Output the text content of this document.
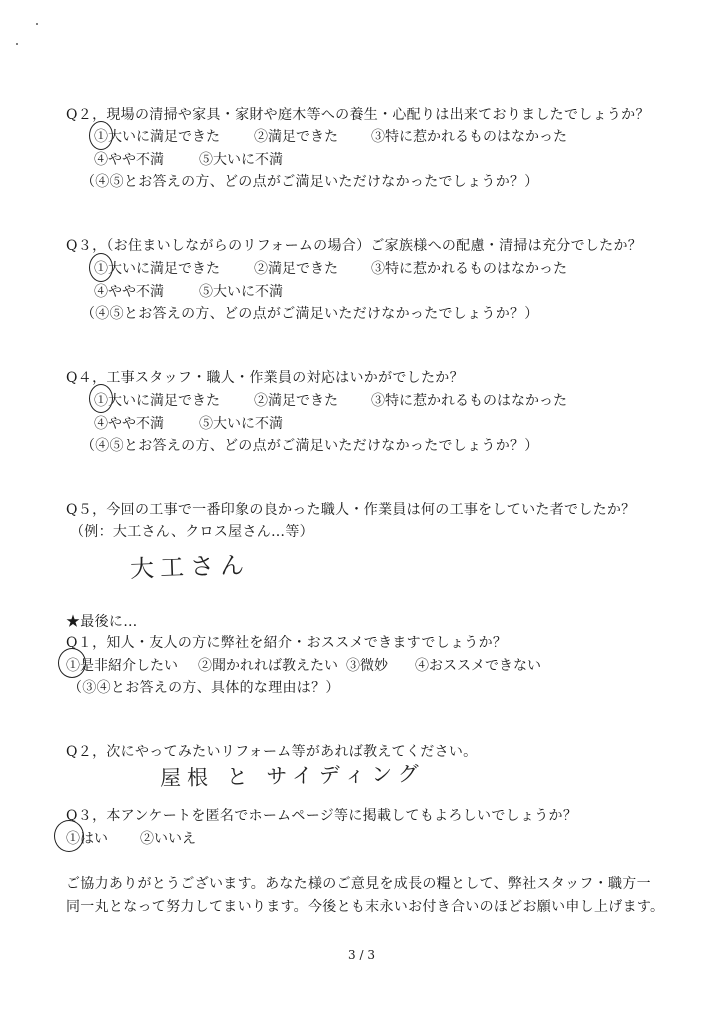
Q２，現場の清掃や家具・家財や庭木等への養生・心配りは出来ておりましたでしょうか？
①大いに満足できた ②満足できた ③特に惹かれるものはなかった
④やや不満	⑤大いに不満
（④⑤とお答えの方、どの点がご満足いただけなかったでしょうか？）
Q３，（お住まいしながらのリフォームの場合）ご家族様への配慮・清掃は充分でしたか？
①大いに満足できた ②満足できた ③特に惹かれるものはなかった
④やや不満	⑤大いに不満
（④⑤とお答えの方、どの点がご満足いただけなかったでしょうか？）
Q４，工事スタッフ・職人・作業員の対応はいかがでしたか？
①大いに満足できた ②満足できた ③特に惹かれるものはなかった
④やや不満	⑤大いに不満
（④⑤とお答えの方、どの点がご満足いただけなかったでしょうか？）
Q５，今回の工事で一番印象の良かった職人・作業員は何の工事をしていた者でしたか？
（例：大工さん、クロス屋さん…等）
大工さん
★最後に…
Q１，知人・友人の方に弊社を紹介・おススメできますでしょうか？
①是非紹介したい ②聞かれれば教えたい ③微妙 ④おススメできない
（③④とお答えの方、具体的な理由は？）
Q２，次にやってみたいリフォーム等があれば教えてください。
屋根 と サイディング
Q３，本アンケートを匿名でホームページ等に掲載してもよろしいでしょうか？
①はい ②いいえ
ご協力ありがとうございます。あなた様のご意見を成長の糧として、弊社スタッフ・職方一
同一丸となって努力してまいります。今後とも末永いお付き合いのほどお願い申し上げます。
3 / 3
